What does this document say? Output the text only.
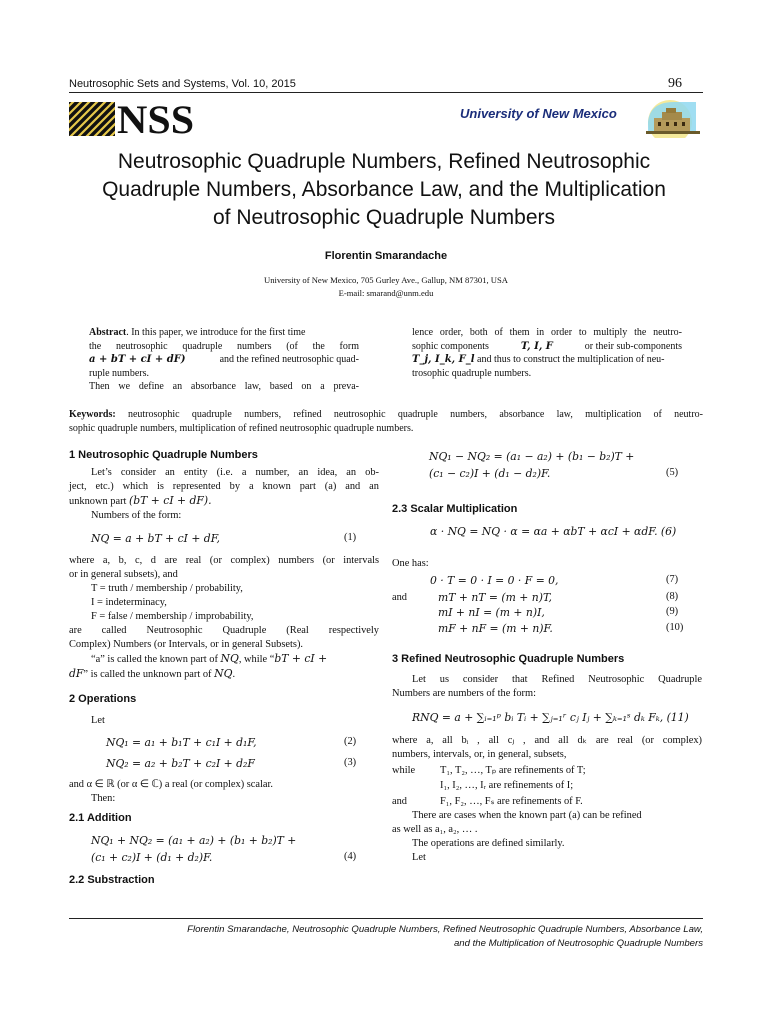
Neutrosophic Sets and Systems, Vol. 10, 2015	96
NSS	University of New Mexico
Neutrosophic Quadruple Numbers, Refined Neutrosophic
Quadruple Numbers, Absorbance Law, and the Multiplication
of Neutrosophic Quadruple Numbers
Florentin Smarandache
University of New Mexico, 705 Gurley Ave., Gallup, NM 87301, USA
E-mail: smarand@unm.edu
Abstract. In this paper, we introduce for the first time
the neutrosophic quadruple numbers (of the form
a + bT + cI + dF)	and the refined neutrosophic quad-
ruple numbers.
Then we define an absorbance law, based on a preva-
lence order, both of them in order to multiply the neutro-
sophic components	T, I, F	or their sub-components
T_j, I_k, F_l and thus to construct the multiplication of neu-
trosophic quadruple numbers.
Keywords: neutrosophic quadruple numbers, refined neutrosophic quadruple numbers, absorbance law, multiplication of neutro-
sophic quadruple numbers, multiplication of refined neutrosophic quadruple numbers.
1 Neutrosophic Quadruple Numbers
Let’s consider an entity (i.e. a number, an idea, an ob-
ject, etc.) which is represented by a known part (a) and an
unknown part (bT + cI + dF).
Numbers of the form:
NQ = a + bT + cI + dF,	(1)
where a, b, c, d are real (or complex) numbers (or intervals
or in general subsets), and
T = truth / membership / probability,
I = indeterminacy,
F = false / membership / improbability,
are called Neutrosophic Quadruple (Real respectively
Complex) Numbers (or Intervals, or in general Subsets).
“a” is called the known part of NQ, while “bT + cI +
dF” is called the unknown part of NQ.
2 Operations
Let
NQ₁ = a₁ + b₁T + c₁I + d₁F,	(2)
NQ₂ = a₂ + b₂T + c₂I + d₂F	(3)
and α ∈ ℝ (or α ∈ ℂ) a real (or complex) scalar.
Then:
2.1 Addition
NQ₁ + NQ₂ = (a₁ + a₂) + (b₁ + b₂)T +
(c₁ + c₂)I + (d₁ + d₂)F.	(4)
2.2 Substraction
NQ₁ − NQ₂ = (a₁ − a₂) + (b₁ − b₂)T +
(c₁ − c₂)I + (d₁ − d₂)F.	(5)
2.3 Scalar Multiplication
α · NQ = NQ · α = αa + αbT + αcI + αdF. (6)
One has:
0 · T = 0 · I = 0 · F = 0,	(7)
and	mT + nT = (m + n)T,	(8)
mI + nI = (m + n)I,	(9)
mF + nF = (m + n)F.	(10)
3 Refined Neutrosophic Quadruple Numbers
Let us consider that Refined Neutrosophic Quadruple
Numbers are numbers of the form:
RNQ = a + ∑ᵢ₌₁ᵖ bᵢ Tᵢ + ∑ⱼ₌₁ʳ cⱼ Iⱼ + ∑ₖ₌₁ˢ dₖ Fₖ, (11)
where a, all bᵢ , all cⱼ , and all dₖ are real (or complex)
numbers, intervals, or, in general, subsets,
while T₁, T₂, …, Tₚ are refinements of T;
I₁, I₂, …, Iᵣ are refinements of I;
and	F₁, F₂, …, Fₛ are refinements of F.
There are cases when the known part (a) can be refined
as well as a₁, a₂, … .
The operations are defined similarly.
Let
Florentin Smarandache, Neutrosophic Quadruple Numbers, Refined Neutrosophic Quadruple Numbers, Absorbance Law,
and the Multiplication of Neutrosophic Quadruple Numbers
